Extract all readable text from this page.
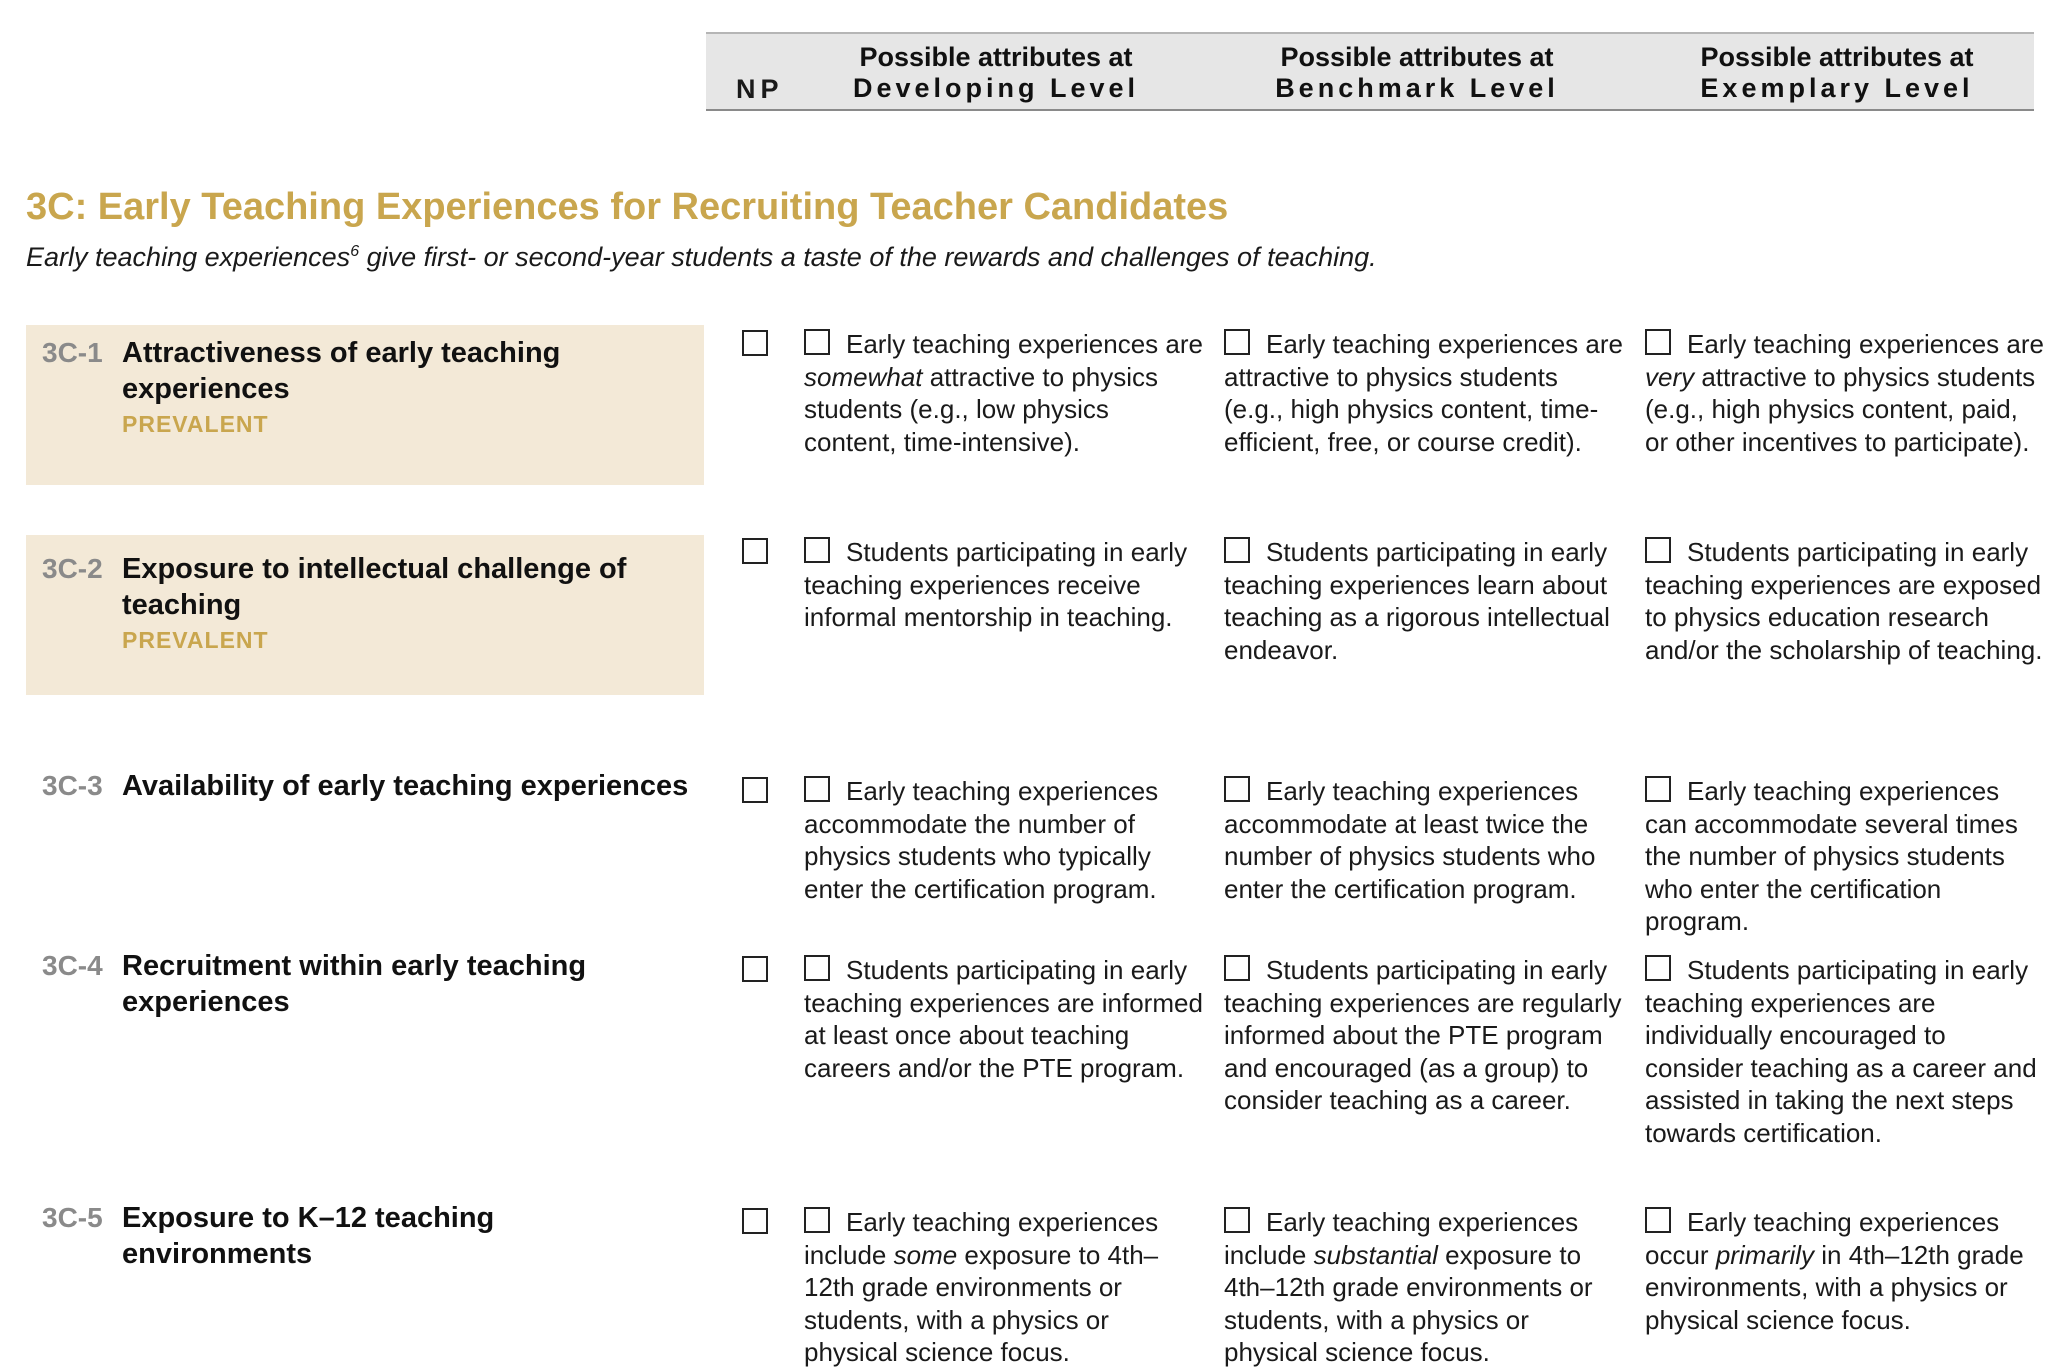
NP
Possible attributes at
Developing Level
Possible attributes at
Benchmark Level
Possible attributes at
Exemplary Level
3C: Early Teaching Experiences for Recruiting Teacher Candidates
Early teaching experiences$^6$ give first- or second-year students a taste of the rewards and challenges of teaching.
3C-1 Attractiveness of early teaching experiences
PREVALENT
Early teaching experiences are somewhat attractive to physics students (e.g., low physics content, time-intensive).
Early teaching experiences are attractive to physics students (e.g., high physics content, time-efficient, free, or course credit).
Early teaching experiences are very attractive to physics students (e.g., high physics content, paid, or other incentives to participate).
3C-2 Exposure to intellectual challenge of teaching
PREVALENT
Students participating in early teaching experiences receive informal mentorship in teaching.
Students participating in early teaching experiences learn about teaching as a rigorous intellectual endeavor.
Students participating in early teaching experiences are exposed to physics education research and/or the scholarship of teaching.
3C-3 Availability of early teaching experiences	Early teaching experiences accommodate the number of physics students who typically enter the certification program.
Early teaching experiences accommodate at least twice the number of physics students who enter the certification program.
Early teaching experiences can accommodate several times the number of physics students who enter the certification program.
3C-4 Recruitment within early teaching experiences
Students participating in early teaching experiences are informed at least once about teaching careers and/or the PTE program.
Students participating in early teaching experiences are regularly informed about the PTE program and encouraged (as a group) to consider teaching as a career.
Students participating in early teaching experiences are individually encouraged to consider teaching as a career and assisted in taking the next steps towards certification.
3C-5 Exposure to K–12 teaching environments
Early teaching experiences include some exposure to 4th–12th grade environments or students, with a physics or physical science focus.
Early teaching experiences include substantial exposure to 4th–12th grade environments or students, with a physics or physical science focus.
Early teaching experiences occur primarily in 4th–12th grade environments, with a physics or physical science focus.
